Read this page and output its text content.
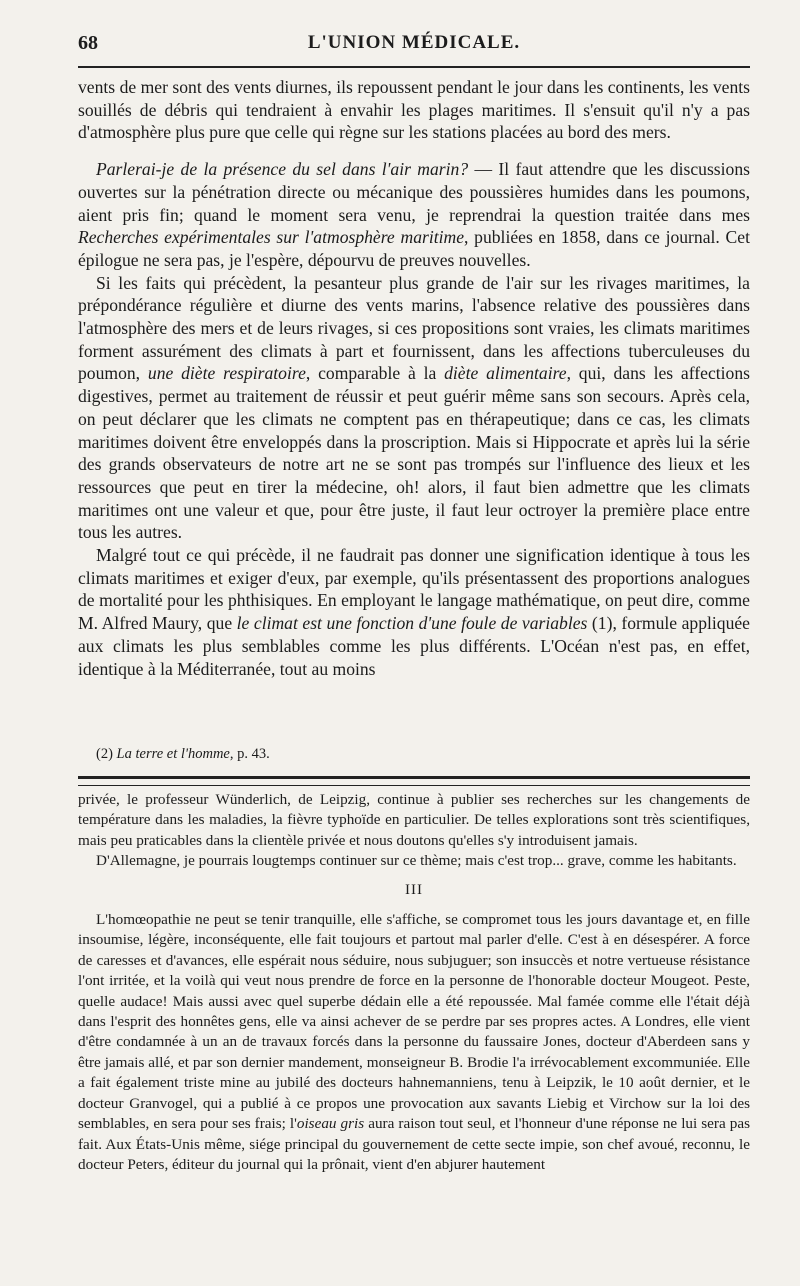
68	L'UNION MÉDICALE.

vents de mer sont des vents diurnes, ils repoussent pendant le jour dans les continents, les vents souillés de débris qui tendraient à envahir les plages maritimes. Il s'ensuit qu'il n'y a pas d'atmosphère plus pure que celle qui règne sur les stations placées au bord des mers.

Parlerai-je de la présence du sel dans l'air marin? — Il faut attendre que les discussions ouvertes sur la pénétration directe ou mécanique des poussières humides dans les poumons, aient pris fin; quand le moment sera venu, je reprendrai la question traitée dans mes Recherches expérimentales sur l'atmosphère maritime, publiées en 1858, dans ce journal. Cet épilogue ne sera pas, je l'espère, dépourvu de preuves nouvelles.

Si les faits qui précèdent, la pesanteur plus grande de l'air sur les rivages maritimes, la prépondérance régulière et diurne des vents marins, l'absence relative des poussières dans l'atmosphère des mers et de leurs rivages, si ces propositions sont vraies, les climats maritimes forment assurément des climats à part et fournissent, dans les affections tuberculeuses du poumon, une diète respiratoire, comparable à la diète alimentaire, qui, dans les affections digestives, permet au traitement de réussir et peut guérir même sans son secours. Après cela, on peut déclarer que les climats ne comptent pas en thérapeutique; dans ce cas, les climats maritimes doivent être enveloppés dans la proscription. Mais si Hippocrate et après lui la série des grands observateurs de notre art ne se sont pas trompés sur l'influence des lieux et les ressources que peut en tirer la médecine, oh! alors, il faut bien admettre que les climats maritimes ont une valeur et que, pour être juste, il faut leur octroyer la première place entre tous les autres.

Malgré tout ce qui précède, il ne faudrait pas donner une signification identique à tous les climats maritimes et exiger d'eux, par exemple, qu'ils présentassent des proportions analogues de mortalité pour les phthisiques. En employant le langage mathématique, on peut dire, comme M. Alfred Maury, que le climat est une fonction d'une foule de variables (1), formule appliquée aux climats les plus semblables comme les plus différents. L'Océan n'est pas, en effet, identique à la Méditerranée, tout au moins

(2) La terre et l'homme, p. 43.

privée, le professeur Wünderlich, de Leipzig, continue à publier ses recherches sur les changements de température dans les maladies, la fièvre typhoïde en particulier. De telles explorations sont très scientifiques, mais peu praticables dans la clientèle privée et nous doutons qu'elles s'y introduisent jamais.

D'Allemagne, je pourrais lougtemps continuer sur ce thème; mais c'est trop... grave, comme les habitants.

III

L'homœopathie ne peut se tenir tranquille, elle s'affiche, se compromet tous les jours davantage et, en fille insoumise, légère, inconséquente, elle fait toujours et partout mal parler d'elle. C'est à en désespérer. A force de caresses et d'avances, elle espérait nous séduire, nous subjuguer; son insuccès et notre vertueuse résistance l'ont irritée, et la voilà qui veut nous prendre de force en la personne de l'honorable docteur Mougeot. Peste, quelle audace! Mais aussi avec quel superbe dédain elle a été repoussée. Mal famée comme elle l'était déjà dans l'esprit des honnêtes gens, elle va ainsi achever de se perdre par ses propres actes. A Londres, elle vient d'être condamnée à un an de travaux forcés dans la personne du faussaire Jones, docteur d'Aberdeen sans y être jamais allé, et par son dernier mandement, monseigneur B. Brodie l'a irrévocablement excommuniée. Elle a fait également triste mine au jubilé des docteurs hahnemanniens, tenu à Leipzik, le 10 août dernier, et le docteur Granvogel, qui a publié à ce propos une provocation aux savants Liebig et Virchow sur la loi des semblables, en sera pour ses frais; l'oiseau gris aura raison tout seul, et l'honneur d'une réponse ne lui sera pas fait. Aux États-Unis même, siége principal du gouvernement de cette secte impie, son chef avoué, reconnu, le docteur Peters, éditeur du journal qui la prônait, vient d'en abjurer hautement
